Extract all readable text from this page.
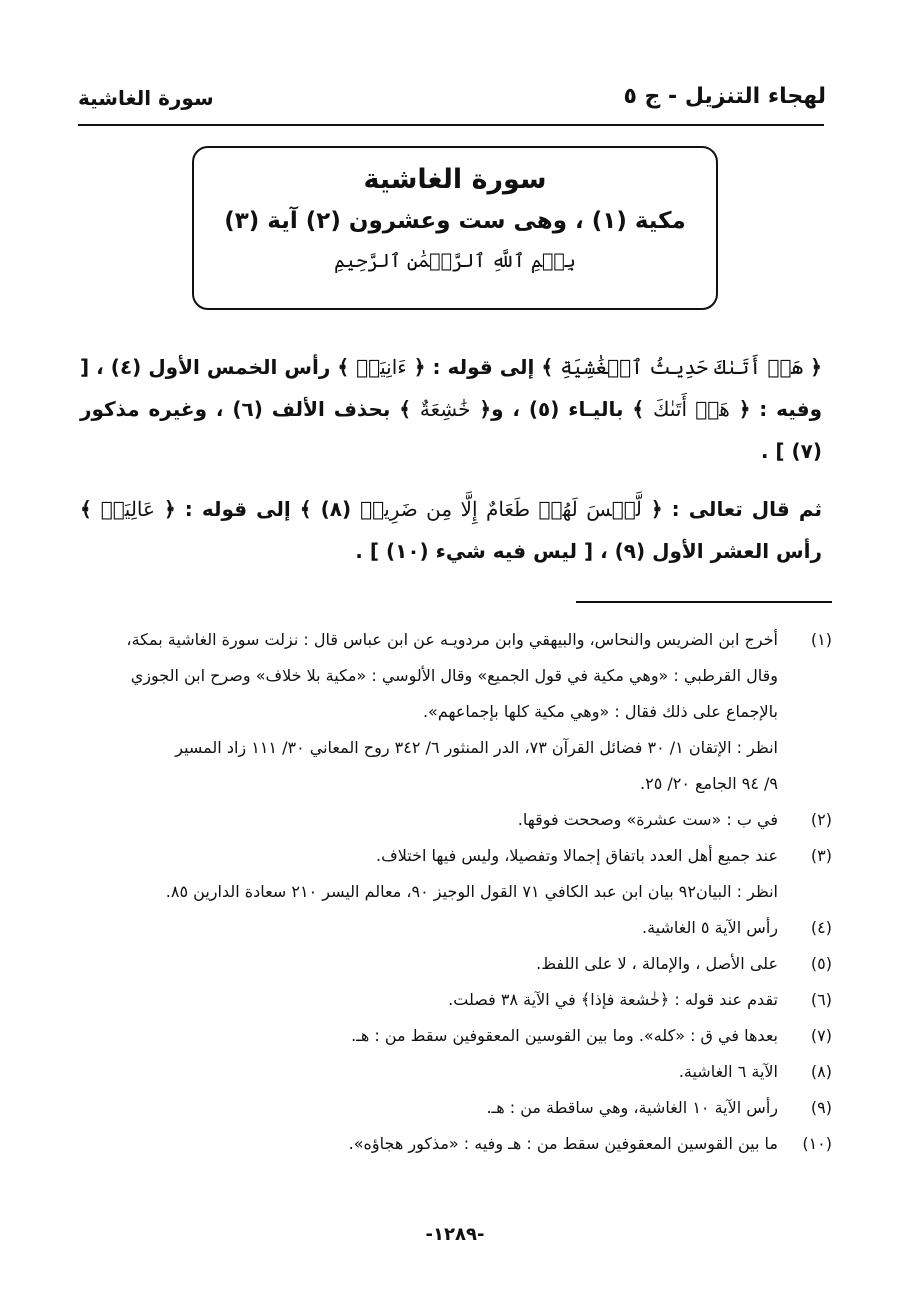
لهجاء التنزيل - ج ٥
سورة الغاشية
سورة الغاشية
مكية (١) ، وهى ست وعشرون (٢) آية (٣)
بِسۡمِ ٱللَّهِ ٱلرَّحۡمَٰنِ ٱلرَّحِيمِ

﴿ هَلۡ أَتَىٰكَ حَدِيثُ ٱلۡغَٰشِيَةِ ﴾ إلى قوله : ﴿ ءَانِيَةٖ ﴾ رأس الخمس الأول (٤) ، [ وفيه : ﴿ هَلۡ أَتَىٰكَ ﴾ باليـاء (٥) ، و﴿ خَٰشِعَةٌ ﴾ بحذف الألف (٦) ، وغيره مذكور (٧) ] .

ثم قال تعالى : ﴿ لَّيۡسَ لَهُمۡ طَعَامٌ إِلَّا مِن ضَرِيعٖ (٨) ﴾ إلى قوله : ﴿ عَالِيَةٖ ﴾ رأس العشر الأول (٩) ، [ ليس فيه شيء (١٠) ] .

(١)
أخرج ابن الضريس والنحاس، والبيهقي وابن مردويـه عن ابن عباس قال : نزلت سورة الغاشية بمكة،
وقال القرطبي : «وهي مكية في قول الجميع» وقال الألوسي : «مكية بلا خلاف» وصرح ابن الجوزي
بالإجماع على ذلك فقال : «وهي مكية كلها بإجماعهم».
انظر : الإتقان ١/ ٣٠ فضائل القرآن ٧٣، الدر المنثور ٦/ ٣٤٢ روح المعاني ٣٠/ ١١١ زاد المسير
٩/ ٩٤ الجامع ٢٠/ ٢٥.
(٢)
في ب : «ست عشرة» وصححت فوقها.
(٣)
عند جميع أهل العدد باتفاق إجمالا وتفصيلا، وليس فيها اختلاف.
انظر : البيان٩٢ بيان ابن عبد الكافي ٧١ القول الوجيز ٩٠، معالم اليسر ٢١٠ سعادة الدارين ٨٥.
(٤)
رأس الآية ٥ الغاشية.
(٥)
على الأصل ، والإمالة ، لا على اللفظ.
(٦)
تقدم عند قوله : ﴿خٰشعة فإذا﴾ في الآية ٣٨ فصلت.
(٧)
بعدها في ق : «كله». وما بين القوسين المعقوفين سقط من : هـ.
(٨)
الآية ٦ الغاشية.
(٩)
رأس الآية ١٠ الغاشية، وهي ساقطة من : هـ.
(١٠)
ما بين القوسين المعقوفين سقط من : هـ وفيه : «مذكور هجاؤه».
-١٢٨٩-
